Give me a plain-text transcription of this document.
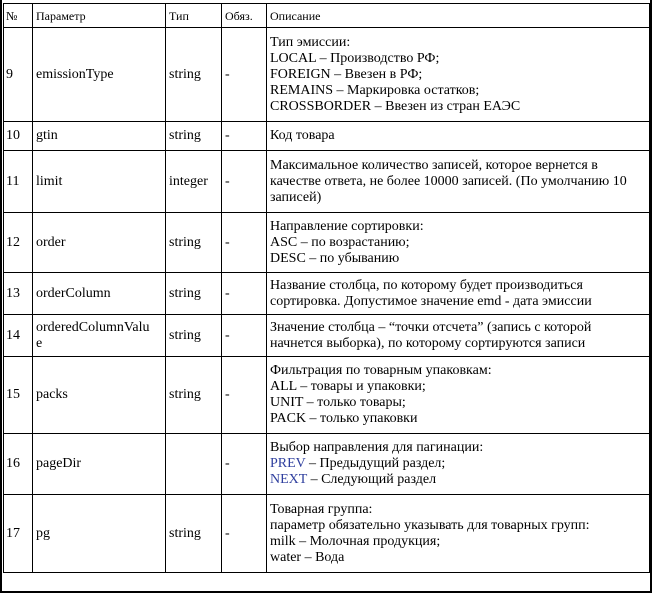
№	Параметр	Тип	Обяз.	Описание
9	emissionType	string	-	Тип эмиссии:
LOCAL – Производство РФ;
FOREIGN – Ввезен в РФ;
REMAINS – Маркировка остатков;
CROSSBORDER – Ввезен из стран ЕАЭС

10	gtin	string	-	Код товара

11	limit	integer	-	Максимальное количество записей, которое вернется в
качестве ответа, не более 10000 записей. (По умолчанию 10
записей)

12	order	string	-	Направление сортировки:
ASC – по возрастанию;
DESC – по убыванию

13	orderColumn	string	-	Название столбца, по которому будет производиться
сортировка. Допустимое значение emd - дата эмиссии

14	orderedColumnValu
e	string	-	Значение столбца – “точки отсчета” (запись с которой
начнется выборка), по которому сортируются записи

15	packs	string	-	Фильтрация по товарным упаковкам:
ALL – товары и упаковки;
UNIT – только товары;
PACK – только упаковки

16	pageDir		-	Выбор направления для пагинации:
PREV – Предыдущий раздел;
NEXT – Следующий раздел

17	pg	string	-	Товарная группа:
параметр обязательно указывать для товарных групп:
milk – Молочная продукция;
water – Вода
